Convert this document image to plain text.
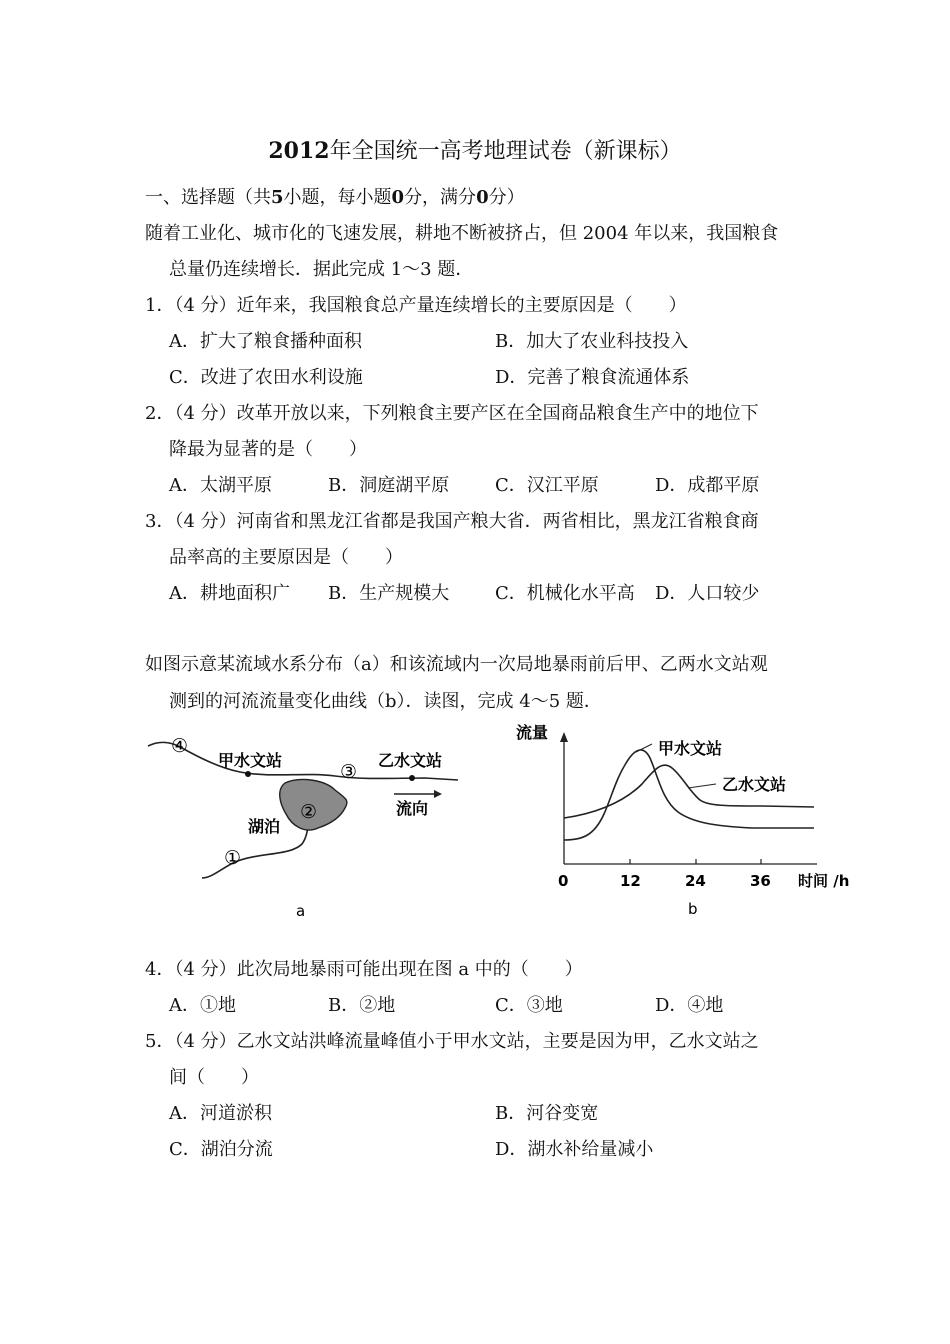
2012年全国统一高考地理试卷（新课标）
一、选择题（共5小题，每小题0分，满分0分）
随着工业化、城市化的飞速发展，耕地不断被挤占，但 2004 年以来，我国粮食
总量仍连续增长．据此完成 1～3 题．
1．（4 分）近年来，我国粮食总产量连续增长的主要原因是（　　）
A．扩大了粮食播种面积	B．加大了农业科技投入
C．改进了农田水利设施	D．完善了粮食流通体系
2．（4 分）改革开放以来，下列粮食主要产区在全国商品粮食生产中的地位下
降最为显著的是（　　）
A．太湖平原	B．洞庭湖平原	C．汉江平原	D．成都平原
3．（4 分）河南省和黑龙江省都是我国产粮大省．两省相比，黑龙江省粮食商
品率高的主要原因是（　　）
A．耕地面积广 B．生产规模大	C．机械化水平高 D．人口较少
如图示意某流域水系分布（a）和该流域内一次局地暴雨前后甲、乙两水文站观
测到的河流流量变化曲线（b）．读图，完成 4～5 题．
甲水文站	乙水文站
湖泊
流向
④
③
②
①
a
流量
0	12	24	36 时间 /h
甲水文站
乙水文站
b
4．（4 分）此次局地暴雨可能出现在图 a 中的（　　）
A．①地	B．②地	C．③地	D．④地
5．（4 分）乙水文站洪峰流量峰值小于甲水文站，主要是因为甲，乙水文站之
间（　　）
A．河道淤积	B．河谷变宽
C．湖泊分流	D．湖水补给量减小
